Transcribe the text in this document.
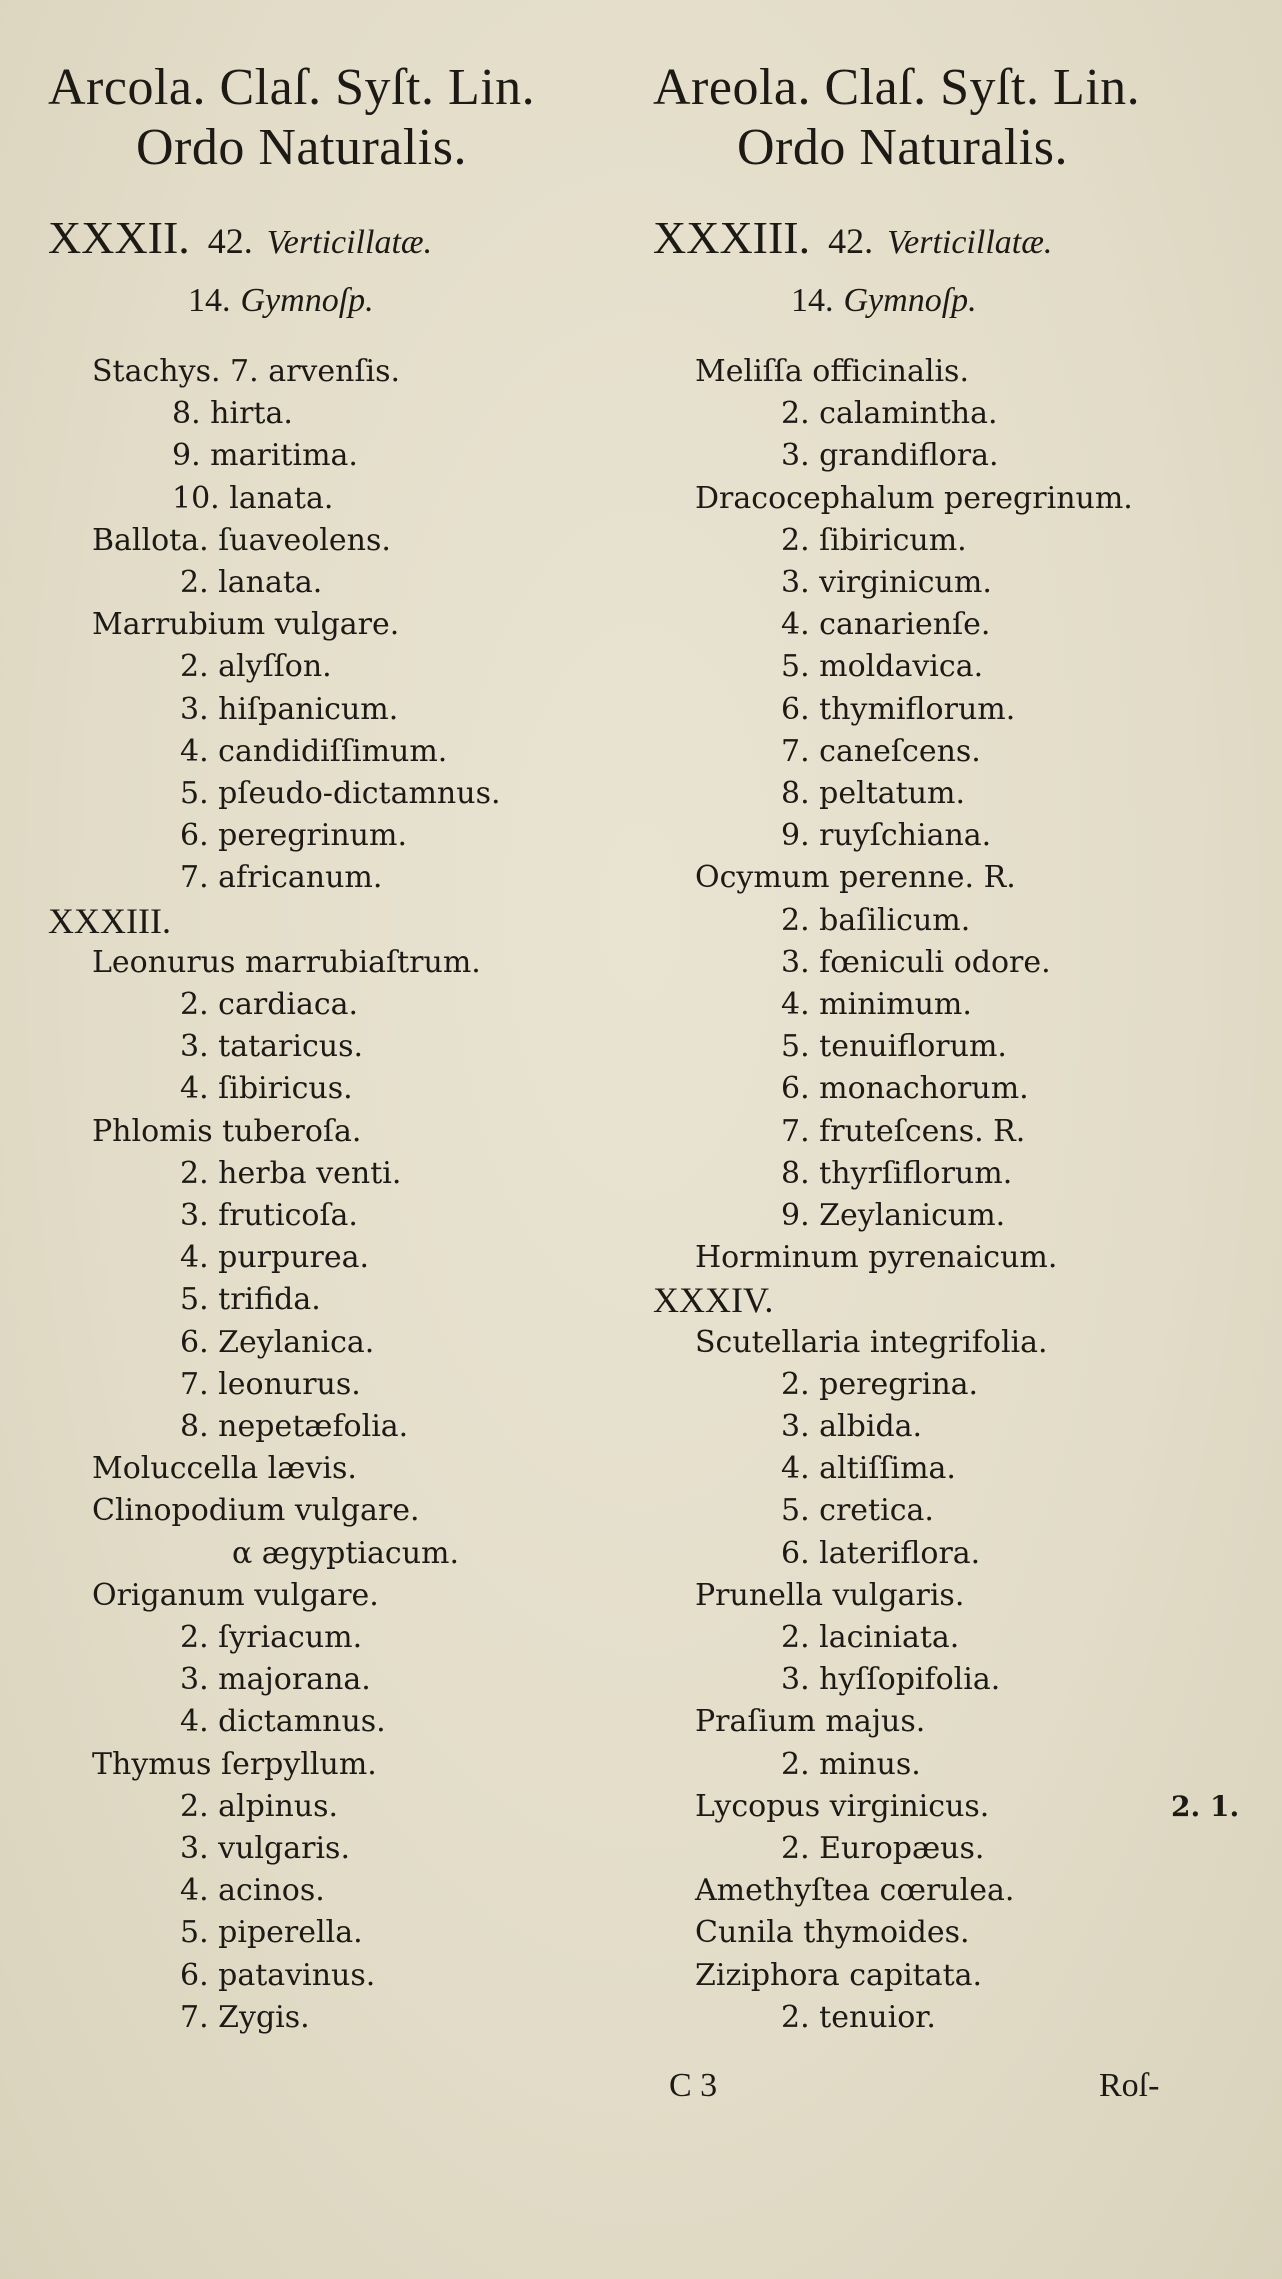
Arcola. Claſ. Syſt. Lin.
Ordo Naturalis.
XXXII. 42. Verticillatæ.
14. Gymnoſp.
Stachys. 7. arvenſis.
8. hirta.
9. maritima.
10. lanata.
Ballota. ſuaveolens.
2. lanata.
Marrubium vulgare.
2. alyſſon.
3. hiſpanicum.
4. candidiſſimum.
5. pſeudo-dictamnus.
6. peregrinum.
7. africanum.
XXXIII.
Leonurus marrubiaſtrum.
2. cardiaca.
3. tataricus.
4. ſibiricus.
Phlomis tuberoſa.
2. herba venti.
3. fruticoſa.
4. purpurea.
5. trifida.
6. Zeylanica.
7. leonurus.
8. nepetæfolia.
Moluccella lævis.
Clinopodium vulgare.
α ægyptiacum.
Origanum vulgare.
2. ſyriacum.
3. majorana.
4. dictamnus.
Thymus ſerpyllum.
2. alpinus.
3. vulgaris.
4. acinos.
5. piperella.
6. patavinus.
7. Zygis.
Areola. Claſ. Syſt. Lin.
Ordo Naturalis.
XXXIII. 42. Verticillatæ.
14. Gymnoſp.
Meliſſa officinalis.
2. calamintha.
3. grandiflora.
Dracocephalum peregrinum.
2. ſibiricum.
3. virginicum.
4. canarienſe.
5. moldavica.
6. thymiflorum.
7. caneſcens.
8. peltatum.
9. ruyſchiana.
Ocymum perenne. R.
2. baſilicum.
3. fœniculi odore.
4. minimum.
5. tenuiflorum.
6. monachorum.
7. fruteſcens. R.
8. thyrſiflorum.
9. Zeylanicum.
Horminum pyrenaicum.
XXXIV.
Scutellaria integrifolia.
2. peregrina.
3. albida.
4. altiſſima.
5. cretica.
6. lateriflora.
Prunella vulgaris.
2. laciniata.
3. hyſſopifolia.
Praſium majus.
2. minus.
Lycopus virginicus.	2. 1.
2. Europæus.
Amethyſtea cœrulea.
Cunila thymoides.
Ziziphora capitata.
2. tenuior.
C 3	Roſ-
